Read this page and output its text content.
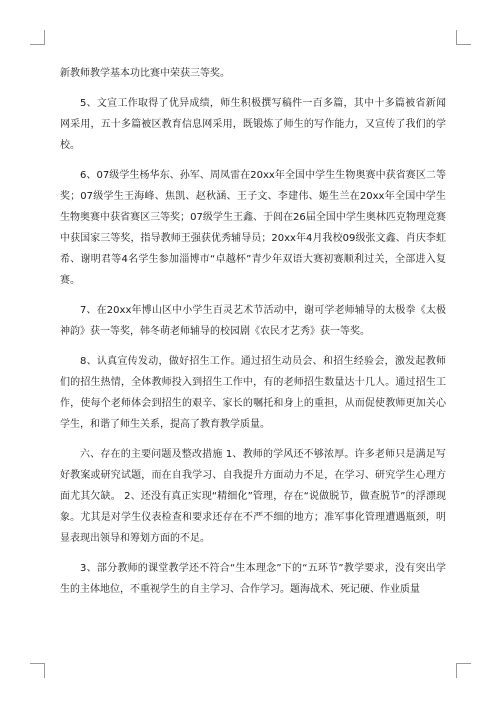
新教师教学基本功比赛中荣获三等奖。

5、文宣工作取得了优异成绩，师生积极撰写稿件一百多篇，其中十多篇被省新闻网采用，五十多篇被区教育信息网采用，既锻炼了师生的写作能力，又宣传了我们的学校。

6、07级学生杨华东、孙军、周凤雷在20xx年全国中学生生物奥赛中获省赛区二等奖；07级学生王海峰、焦凯、赵秋涵、王子文、李建伟、姬生兰在20xx年全国中学生生物奥赛中获省赛区三等奖；07级学生王鑫、于闾在26届全国中学生奥林匹克物理竞赛中获国家三等奖，指导教师王强获优秀辅导员；20xx年4月我校09级张文鑫、肖庆李虹希、谢明君等4名学生参加淄博市“卓越杯”青少年双语大赛初赛顺利过关，全部进入复赛。

7、在20xx年博山区中小学生百灵艺术节活动中，谢可学老师辅导的太极拳《太极神韵》获一等奖，韩冬萌老师辅导的校园剧《农民才艺秀》获一等奖。

8、认真宣传发动，做好招生工作。通过招生动员会、和招生经验会，激发起教师们的招生热情，全体教师投入到招生工作中，有的老师招生数量达十几人。通过招生工作，使每个老师体会到招生的艰辛、家长的嘱托和身上的重担，从而促使教师更加关心学生，和谐了师生关系，提高了教育教学质量。

六、存在的主要问题及整改措施 1、教师的学风还不够浓厚。许多老师只是满足写好教案或研究试题，而在自我学习、自我提升方面动力不足，在学习、研究学生心理方面尤其欠缺。 2、还没有真正实现“精细化”管理，存在“说做脱节，做查脱节”的浮漂现象。尤其是对学生仪表检查和要求还存在不严不细的地方；准军事化管理遭遇瓶颈，明显表现出领导和筹划方面的不足。

3、部分教师的课堂教学还不符合“生本理念”下的“五环节”教学要求，没有突出学生的主体地位，不重视学生的自主学习、合作学习。题海战术、死记硬、作业质量
